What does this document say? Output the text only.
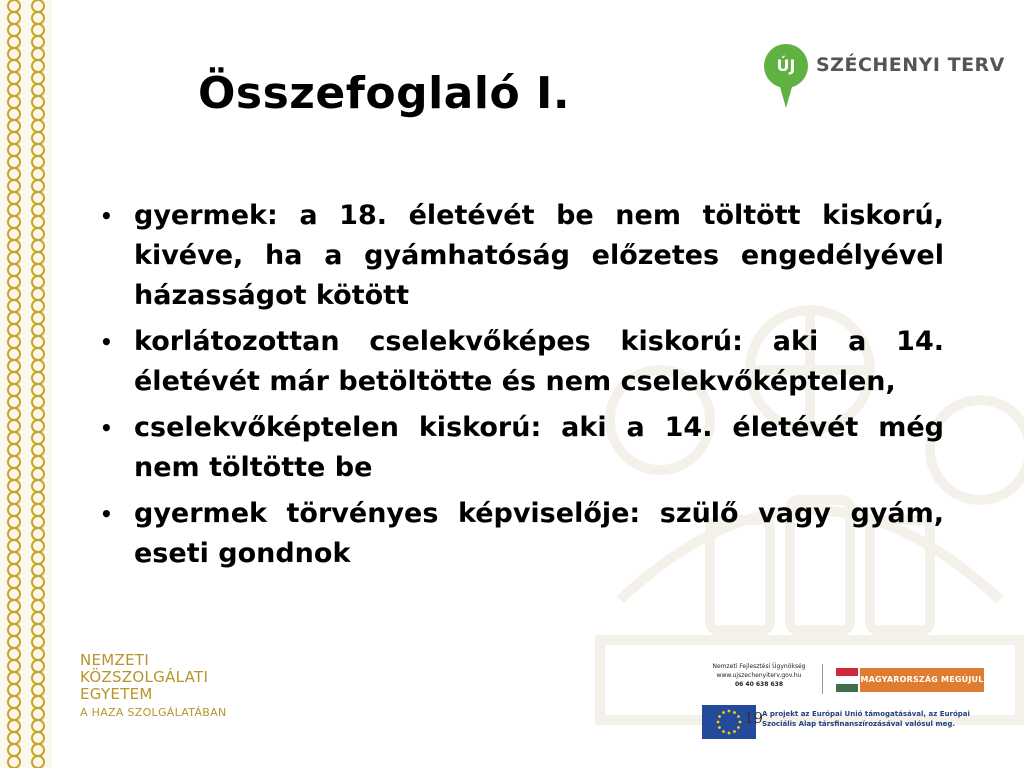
Összefoglaló I.
ÚJ	SZÉCHENYI TERV
• gyermek: a 18. életévét be nem töltött kiskorú, kivéve, ha a gyámhatóság előzetes engedélyével házasságot kötött
• korlátozottan cselekvőképes kiskorú: aki a 14. életévét már betöltötte és nem cselekvőképtelen,
• cselekvőképtelen kiskorú: aki a 14. életévét még nem töltötte be
• gyermek törvényes képviselője: szülő vagy gyám, eseti gondnok
NEMZETI
KÖZSZOLGÁLATI
EGYETEM
A HAZA SZOLGÁLATÁBAN
Nemzeti Fejlesztési Ügynökség
www.ujszechenyiterv.gov.hu
06 40 638 638
MAGYARORSZÁG MEGÚJUL
19
A projekt az Európai Unió támogatásával, az Európai Szociális Alap társfinanszírozásával valósul meg.
